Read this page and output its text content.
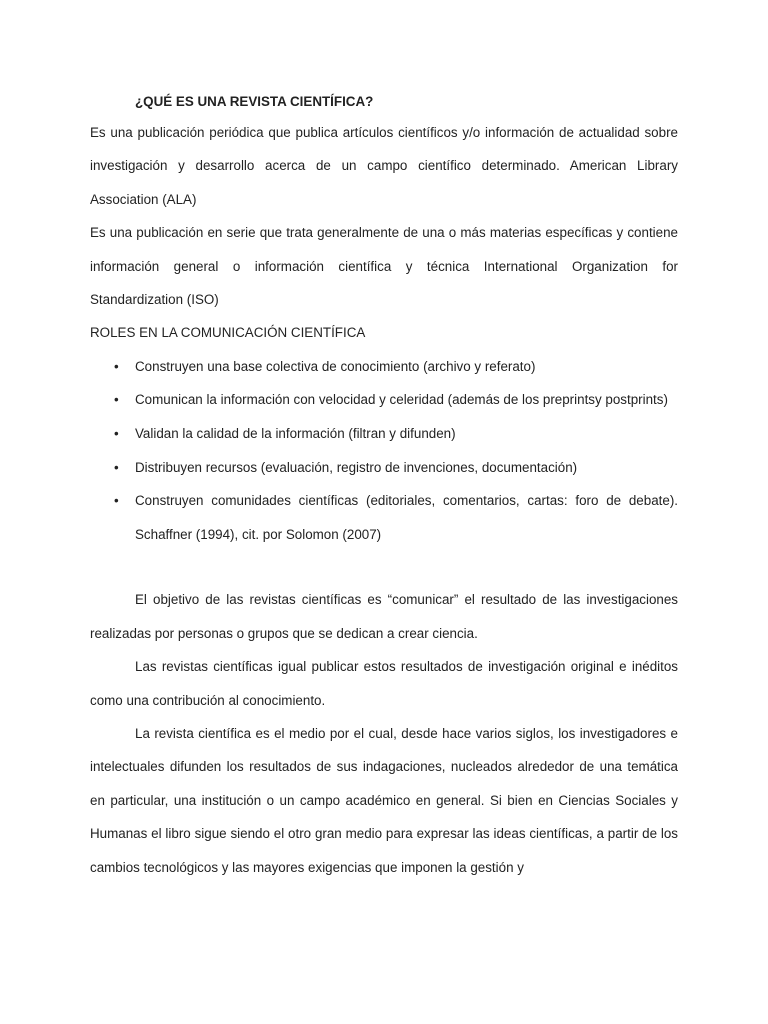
¿QUÉ ES UNA REVISTA CIENTÍFICA?

Es una publicación periódica que publica artículos científicos y/o información de actualidad sobre investigación y desarrollo acerca de un campo científico determinado. American Library Association (ALA)

Es una publicación en serie que trata generalmente de una o más materias específicas y contiene información general o información científica y técnica International Organization for Standardization (ISO)

ROLES EN LA COMUNICACIÓN CIENTÍFICA
• Construyen una base colectiva de conocimiento (archivo y referato)
• Comunican la información con velocidad y celeridad (además de los preprintsy postprints)
• Validan la calidad de la información (filtran y difunden)
• Distribuyen recursos (evaluación, registro de invenciones, documentación)
• Construyen comunidades científicas (editoriales, comentarios, cartas: foro de debate). Schaffner (1994), cit. por Solomon (2007)

El objetivo de las revistas científicas es “comunicar” el resultado de las investigaciones realizadas por personas o grupos que se dedican a crear ciencia.

Las revistas científicas igual publicar estos resultados de investigación original e inéditos como una contribución al conocimiento.

La revista científica es el medio por el cual, desde hace varios siglos, los investigadores e intelectuales difunden los resultados de sus indagaciones, nucleados alrededor de una temática en particular, una institución o un campo académico en general. Si bien en Ciencias Sociales y Humanas el libro sigue siendo el otro gran medio para expresar las ideas científicas, a partir de los cambios tecnológicos y las mayores exigencias que imponen la gestión y
